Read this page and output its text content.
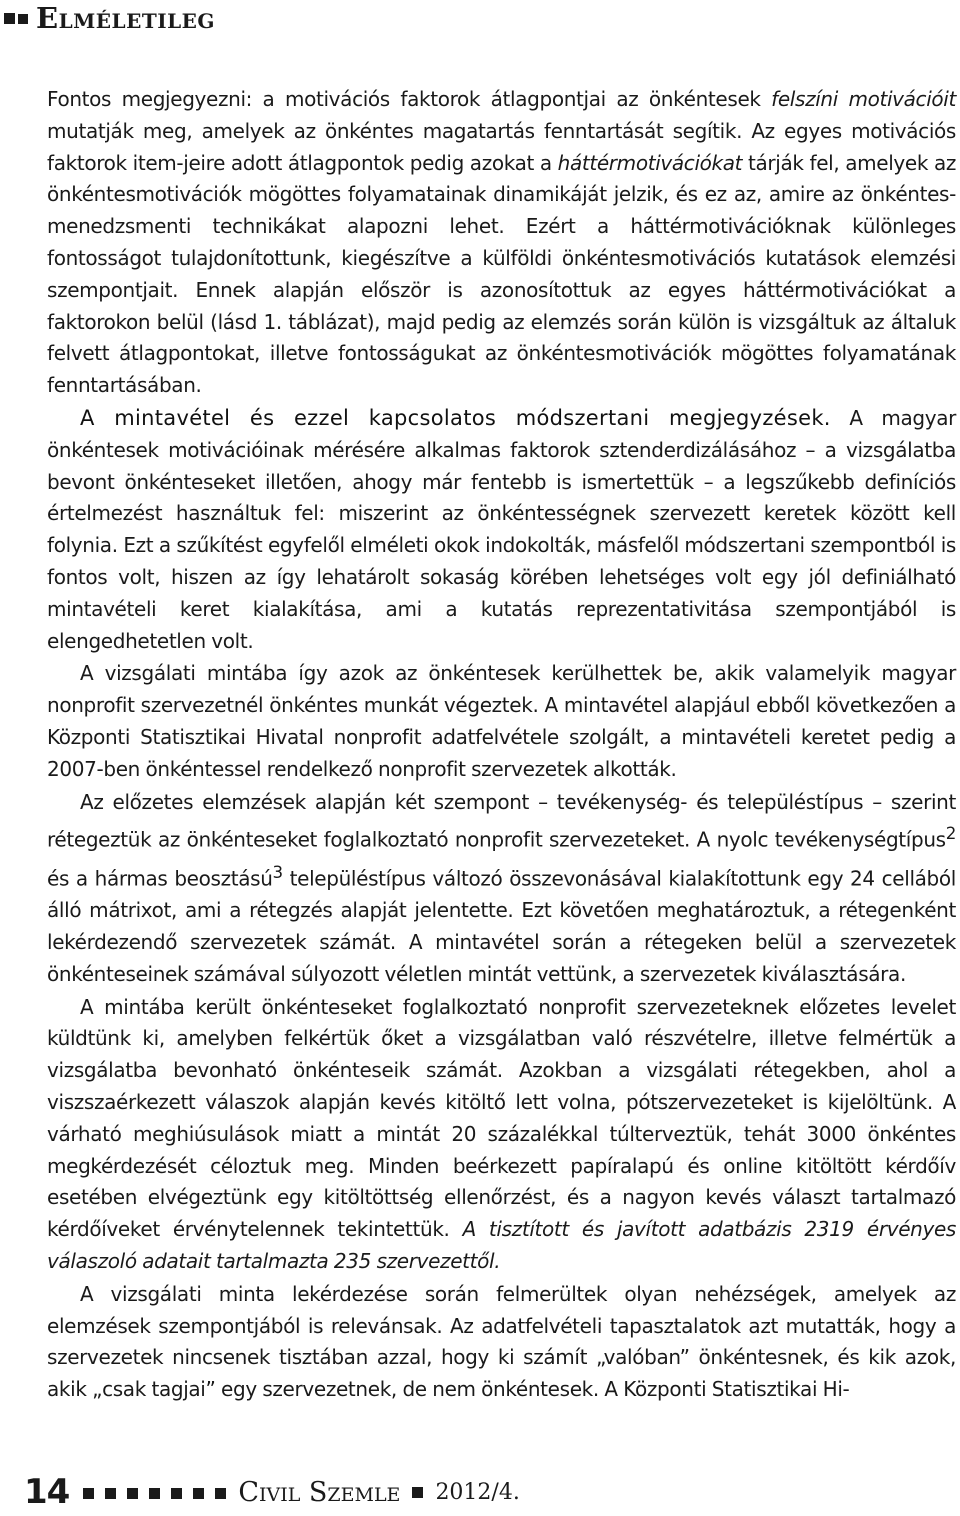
Elméletileg

Fontos megjegyezni: a motivációs faktorok átlagpontjai az önkéntesek felszíni motivációit mutatják meg, amelyek az önkéntes magatartás fenntartását segítik. Az egyes motivációs faktorok item-jeire adott átlagpontok pedig azokat a háttérmotivációkat tárják fel, amelyek az önkéntesmotivációk mögöttes folyamatainak dinamikáját jelzik, és ez az, amire az önkéntes-menedzsmenti technikákat alapozni lehet. Ezért a háttérmotivációknak különleges fontosságot tulajdonítottunk, kiegészítve a külföldi önkéntesmotivációs kutatások elemzési szempontjait. Ennek alapján először is azonosítottuk az egyes háttérmotivációkat a faktorokon belül (lásd 1. táblázat), majd pedig az elemzés során külön is vizsgáltuk az általuk felvett átlagpontokat, illetve fontosságukat az önkéntesmotivációk mögöttes folyamatának fenntartásában.

A mintavétel és ezzel kapcsolatos módszertani megjegyzések. A magyar önkéntesek motivációinak mérésére alkalmas faktorok sztenderdizálásához – a vizsgálatba bevont önkénteseket illetően, ahogy már fentebb is ismertettük – a legszűkebb definíciós értelmezést használtuk fel: miszerint az önkéntességnek szervezett keretek között kell folynia. Ezt a szűkítést egyfelől elméleti okok indokolták, másfelől módszertani szempontból is fontos volt, hiszen az így lehatárolt sokaság körében lehetséges volt egy jól definiálható mintavételi keret kialakítása, ami a kutatás reprezentativitása szempontjából is elengedhetetlen volt.

A vizsgálati mintába így azok az önkéntesek kerülhettek be, akik valamelyik magyar nonprofit szervezetnél önkéntes munkát végeztek. A mintavétel alapjául ebből következően a Központi Statisztikai Hivatal nonprofit adatfelvétele szolgált, a mintavételi keretet pedig a 2007-ben önkéntessel rendelkező nonprofit szervezetek alkották.

Az előzetes elemzések alapján két szempont – tevékenység- és településtípus – szerint rétegeztük az önkénteseket foglalkoztató nonprofit szervezeteket. A nyolc tevékenységtípus$^2$ és a hármas beosztású$^3$ településtípus változó összevonásával kialakítottunk egy 24 cellából álló mátrixot, ami a rétegzés alapját jelentette. Ezt követően meghatároztuk, a rétegenként lekérdezendő szervezetek számát. A mintavétel során a rétegeken belül a szervezetek önkénteseinek számával súlyozott véletlen mintát vettünk, a szervezetek kiválasztására.

A mintába került önkénteseket foglalkoztató nonprofit szervezeteknek előzetes levelet küldtünk ki, amelyben felkértük őket a vizsgálatban való részvételre, illetve felmértük a vizsgálatba bevonható önkénteseik számát. Azokban a vizsgálati rétegekben, ahol a viszszaérkezett válaszok alapján kevés kitöltő lett volna, pótszervezeteket is kijelöltünk. A várható meghiúsulások miatt a mintát 20 százalékkal túlterveztük, tehát 3000 önkéntes megkérdezését céloztuk meg. Minden beérkezett papíralapú és online kitöltött kérdőív esetében elvégeztünk egy kitöltöttség ellenőrzést, és a nagyon kevés választ tartalmazó kérdőíveket érvénytelennek tekintettük. A tisztított és javított adatbázis 2319 érvényes válaszoló adatait tartalmazta 235 szervezettől.

A vizsgálati minta lekérdezése során felmerültek olyan nehézségek, amelyek az elemzések szempontjából is relevánsak. Az adatfelvételi tapasztalatok azt mutatták, hogy a szervezetek nincsenek tisztában azzal, hogy ki számít „valóban” önkéntesnek, és kik azok, akik „csak tagjai” egy szervezetnek, de nem önkéntesek. A Központi Statisztikai Hi-

14	Civil Szemle 2012/4.
